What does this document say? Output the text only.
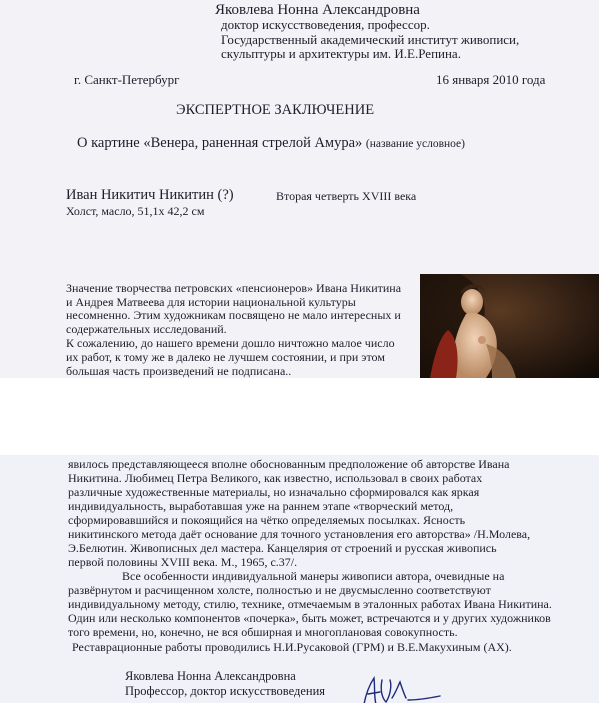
Яковлева Нонна Александровна
доктор искусствоведения, профессор.
Государственный академический институт живописи,
скульптуры и архитектуры им. И.Е.Репина.
г. Санкт-Петербург	16 января 2010 года
ЭКСПЕРТНОЕ ЗАКЛЮЧЕНИЕ
О картине «Венера, раненная стрелой Амура» (название условное)
Иван Никитич Никитин (?)	Вторая четверть XVIII века
Холст, масло, 51,1х 42,2 см
Значение творчества петровских «пенсионеров» Ивана Никитина
и Андрея Матвеева для истории национальной культуры
несомненно. Этим художникам посвящено не мало интересных и
содержательных исследований.
К сожалению, до нашего времени дошло ничтожно малое число
их работ, к тому же в далеко не лучшем состоянии, и при этом
большая часть произведений не подписана..
явилось представляющееся вполне обоснованным предположение об авторстве Ивана
Никитина. Любимец Петра Великого, как известно, использовал в своих работах
различные художественные материалы, но изначально сформировался как яркая
индивидуальность, выработавшая уже на раннем этапе «творческий метод,
сформировавшийся и покоящийся на чётко определяемых посылках. Ясность
никитинского метода даёт основание для точного установления его авторства» /Н.Молева,
Э.Белютин. Живописных дел мастера. Канцелярия от строений и русская живопись
первой половины XVIII века. М., 1965, с.37/.
Все особенности индивидуальной манеры живописи автора, очевидные на
развёрнутом и расчищенном холсте, полностью и не двусмысленно соответствуют
индивидуальному методу, стилю, технике, отмечаемым в эталонных работах Ивана Никитина.
Один или несколько компонентов «почерка», быть может, встречаются и у других художников
того времени, но, конечно, не вся обширная и многоплановая совокупность.
Реставрационные работы проводились Н.И.Русаковой (ГРМ) и В.Е.Макухиным (АХ).
Яковлева Нонна Александровна
Профессор, доктор искусствоведения
